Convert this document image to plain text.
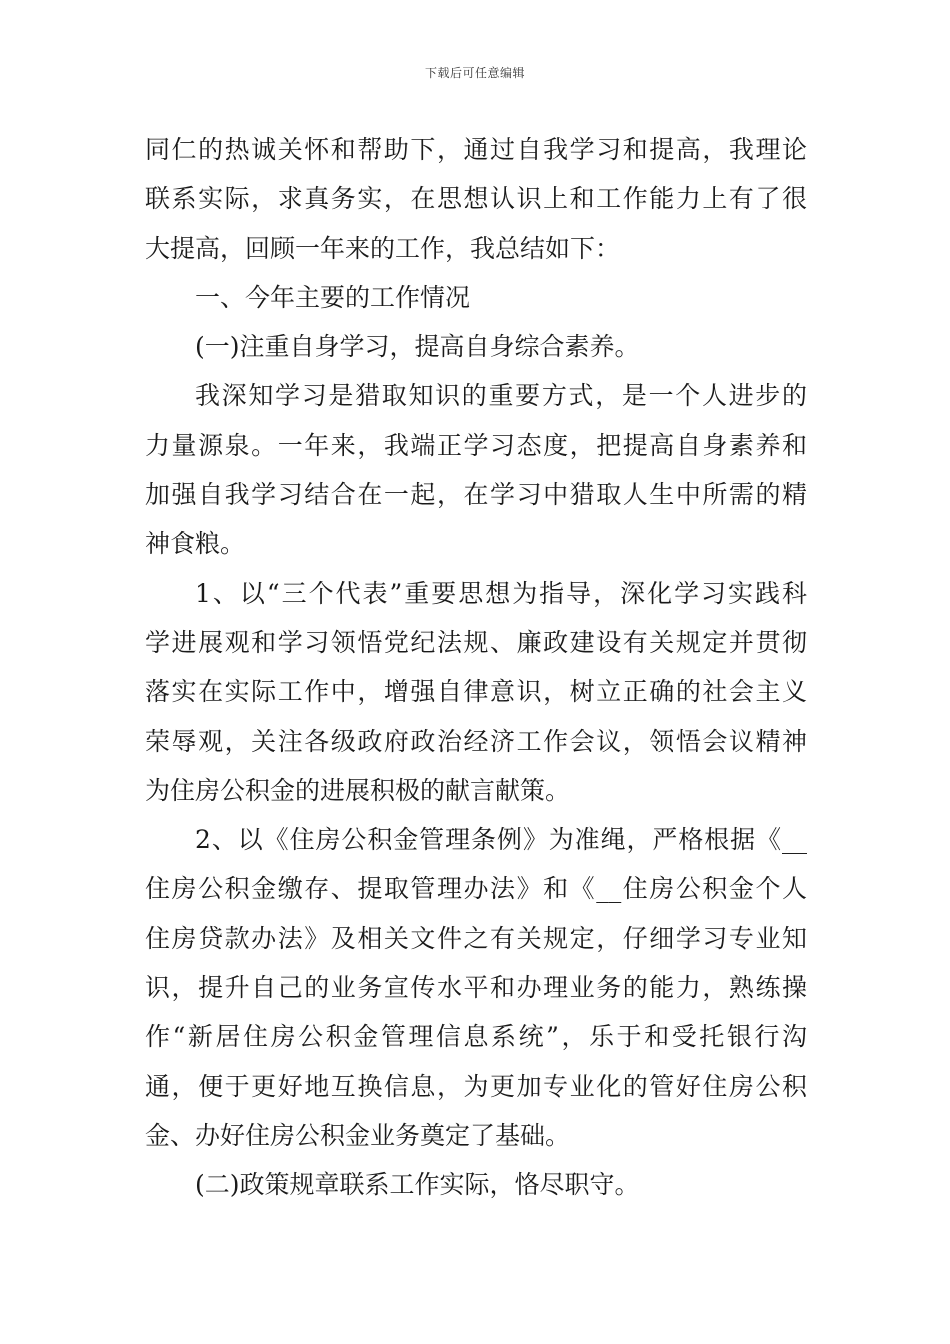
下载后可任意编辑
同仁的热诚关怀和帮助下，通过自我学习和提高，我理论
联系实际，求真务实，在思想认识上和工作能力上有了很
大提高，回顾一年来的工作，我总结如下：
一、今年主要的工作情况
(一)注重自身学习，提高自身综合素养。
我深知学习是猎取知识的重要方式，是一个人进步的
力量源泉。一年来，我端正学习态度，把提高自身素养和
加强自我学习结合在一起，在学习中猎取人生中所需的精
神食粮。
1、以“三个代表”重要思想为指导，深化学习实践科
学进展观和学习领悟党纪法规、廉政建设有关规定并贯彻
落实在实际工作中，增强自律意识，树立正确的社会主义
荣辱观，关注各级政府政治经济工作会议，领悟会议精神
为住房公积金的进展积极的献言献策。
2、以《住房公积金管理条例》为准绳，严格根据《__
住房公积金缴存、提取管理办法》和《__住房公积金个人
住房贷款办法》及相关文件之有关规定，仔细学习专业知
识，提升自己的业务宣传水平和办理业务的能力，熟练操
作“新居住房公积金管理信息系统”，乐于和受托银行沟
通，便于更好地互换信息，为更加专业化的管好住房公积
金、办好住房公积金业务奠定了基础。
(二)政策规章联系工作实际，恪尽职守。
